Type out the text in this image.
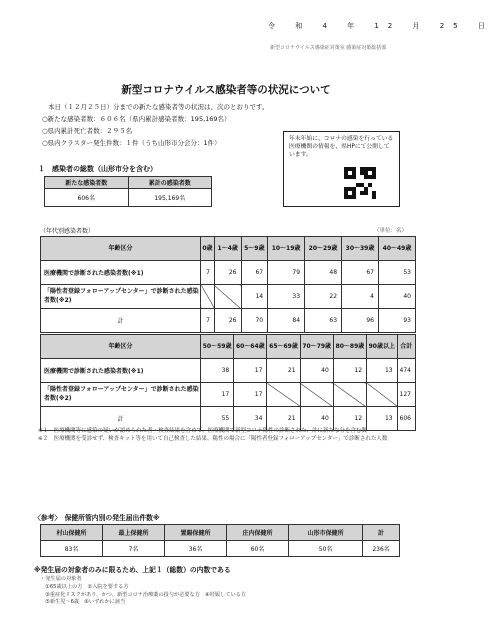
令 和 4 年 12 月 25 日
新型コロナウイルス感染症対策室 感染症対策総括部
新型コロナウイルス感染者等の状況について
本日（１２月２５日）分までの新たな感染者等の状況は、次のとおりです。
○新たな感染者数：６０６名（県内累計感染者数：195,169名）
○県内累計死亡者数：２９５名
○県内クラスター発生件数：１件（うち山形市分会分：1件）	年末年始に、コロナの感染を行っている医療機関の情報を、県HPにて公開しています。
１　感染者の総数（山形市分を含む）
新たな感染者数	累計の感染者数
606名	195,169名
（年代別感染者数）	（単位：名）
年齢区分	0歳	1～4歳	5～9歳	10～19歳	20～29歳	30～39歳	40～49歳
医療機関で診断された感染者数(※1)	7	26	67	79	48	67	53
「陽性者登録フォローアップセンター」で診断された感染者数(※2)			14	33	22	4	40
計	7	26	70	84	63	96	93
年齢区分	50～59歳	60～64歳	65～69歳	70～79歳	80～89歳	90歳以上	合計
医療機関で診断された感染者数(※1)	38	17	21	40	12	13	474
「陽性者登録フォローアップセンター」で診断された感染者数(※2)	17	17					127
計	55	34	21	40	12	13	606
※１　医療機関等に感染の疑いが認められた者・検査結果を含めて、医療機関で新型コロナ陽性の診断された、計に新たな分を含む数
※２　医療機関を受診せず、検査キット等を用いて自己検査した結果、陽性の場合に「陽性者登録フォローアップセンター」で診断された人数
〈参考〉　保健所管内別の発生届出件数※
村山保健所	最上保健所	置賜保健所	庄内保健所	山形市保健所	計
83名	7名	36名	60名	50名	236名
※発生届の対象者のみに限るため、上記１（総数）の内数である
・発生届の対象者
　①65歳以上の方　②入院を要する方
　③重症化リスクがあり、かつ、新型コロナ治療薬の投与が必要な方　④妊娠している方
　⑤新生児～6歳　⑥いずれかに該当
